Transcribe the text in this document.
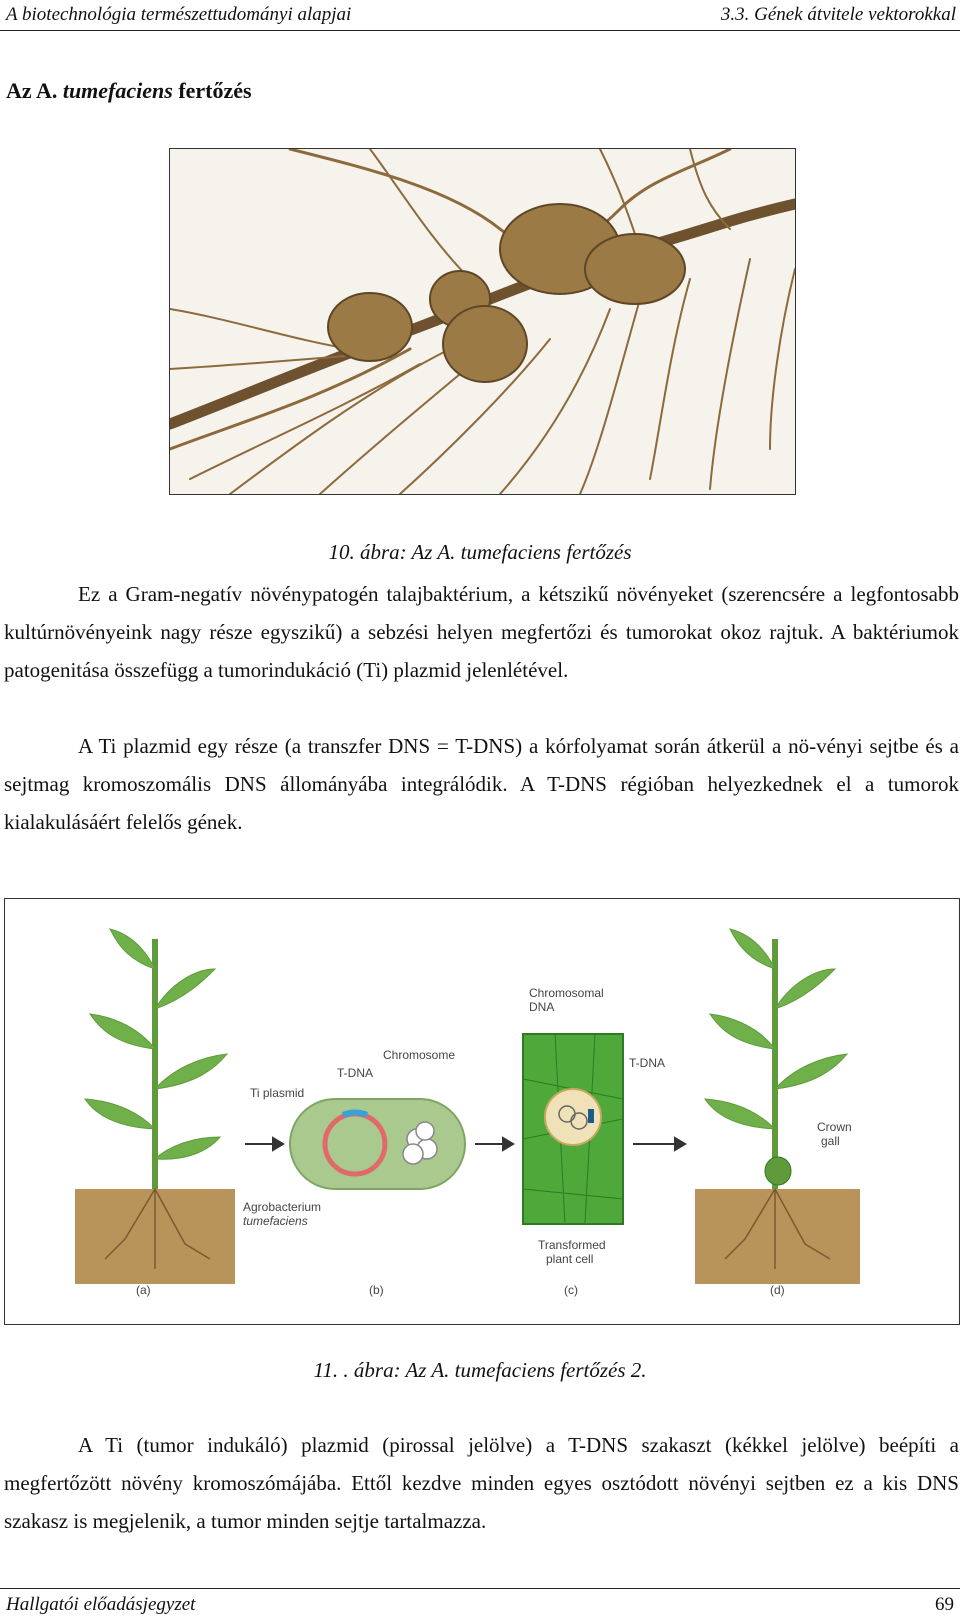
A biotechnológia természettudományi alapjai	3.3. Gének átvitele vektorokkal
Az A. tumefaciens fertőzés
10. ábra: Az A. tumefaciens fertőzés

Ez a Gram-negatív növénypatogén talajbaktérium, a kétszikű növényeket (szerencsére a legfontosabb kultúrnövényeink nagy része egyszikű) a sebzési helyen megfertőzi és tumorokat okoz rajtuk. A baktériumok patogenitása összefügg a tumorindukáció (Ti) plazmid jelenlétével.

A Ti plazmid egy része (a transzfer DNS = T-DNS) a kórfolyamat során átkerül a nö-vényi sejtbe és a sejtmag kromoszomális DNS állományába integrálódik. A T-DNS régióban helyezkednek el a tumorok kialakulásáért felelős gének.

Chromosome
T-DNA
Ti plasmid
Agrobacterium
tumefaciens
Chromosomal
DNA
T-DNA
Transformed
plant cell
Crown
gall
(a)	(b)	(c)	(d)
11. . ábra: Az A. tumefaciens fertőzés 2.

A Ti (tumor indukáló) plazmid (pirossal jelölve) a T-DNS szakaszt (kékkel jelölve) beépíti a megfertőzött növény kromoszómájába. Ettől kezdve minden egyes osztódott növényi sejtben ez a kis DNS szakasz is megjelenik, a tumor minden sejtje tartalmazza.

Hallgatói előadásjegyzet	69
